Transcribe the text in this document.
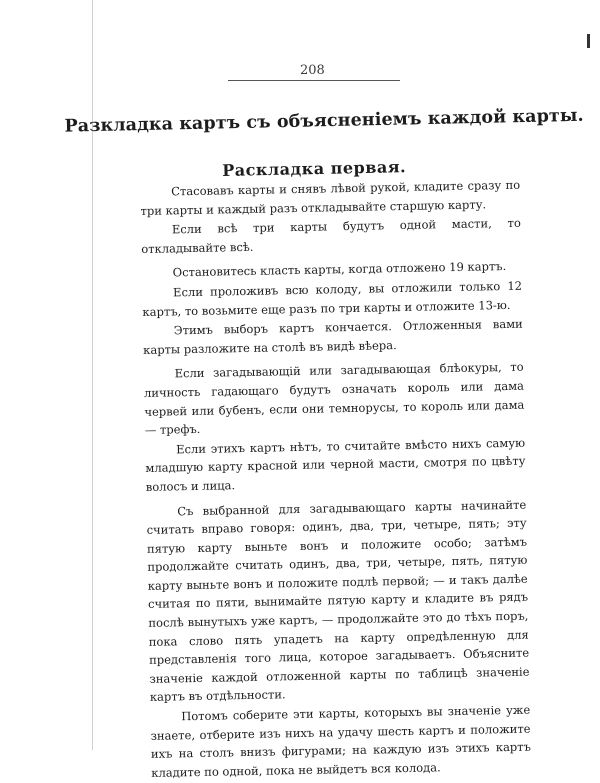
208
Разкладка картъ съ объясненiемъ каждой карты.
Раскладка первая.

Стасовавъ карты и снявъ лѣвой рукой, кладите сразу по три карты и каждый разъ откладывайте старшую карту.

Если всѣ три карты будутъ одной масти, то откладывайте всѣ.

Остановитесь класть карты, когда отложено 19 картъ.

Если проложивъ всю колоду, вы отложили только 12 картъ, то возьмите еще разъ по три карты и отложите 13-ю.

Этимъ выборъ картъ кончается. Отложенныя вами карты разложите на столѣ въ видѣ вѣера.

Если загадывающiй или загадывающая блѣокуры, то личность гадающаго будутъ означать король или дама червей или бубенъ, если они темнорусы, то король или дама — трефъ.

Если этихъ картъ нѣтъ, то считайте вмѣсто нихъ самую младшую карту красной или черной масти, смотря по цвѣту волосъ и лица.

Съ выбранной для загадывающаго карты начинайте считать вправо говоря: одинъ, два, три, четыре, пять; эту пятую карту выньте вонъ и положите особо; затѣмъ продолжайте считать одинъ, два, три, четыре, пять, пятую карту выньте вонъ и положите подлѣ первой; — и такъ далѣе считая по пяти, вынимайте пятую карту и кладите въ рядъ послѣ вынутыхъ уже картъ, — продолжайте это до тѣхъ поръ, пока слово пять упадетъ на карту опредѣленную для представленiя того лица, которое загадываетъ. Объясните значенiе каждой отложенной карты по таблицѣ значенiе картъ въ отдѣльности.

Потомъ соберите эти карты, которыхъ вы значенiе уже знаете, отберите изъ нихъ на удачу шесть картъ и положите ихъ на столъ внизъ фигурами; на каждую изъ этихъ картъ кладите по одной, пока не выйдетъ вся колода.
